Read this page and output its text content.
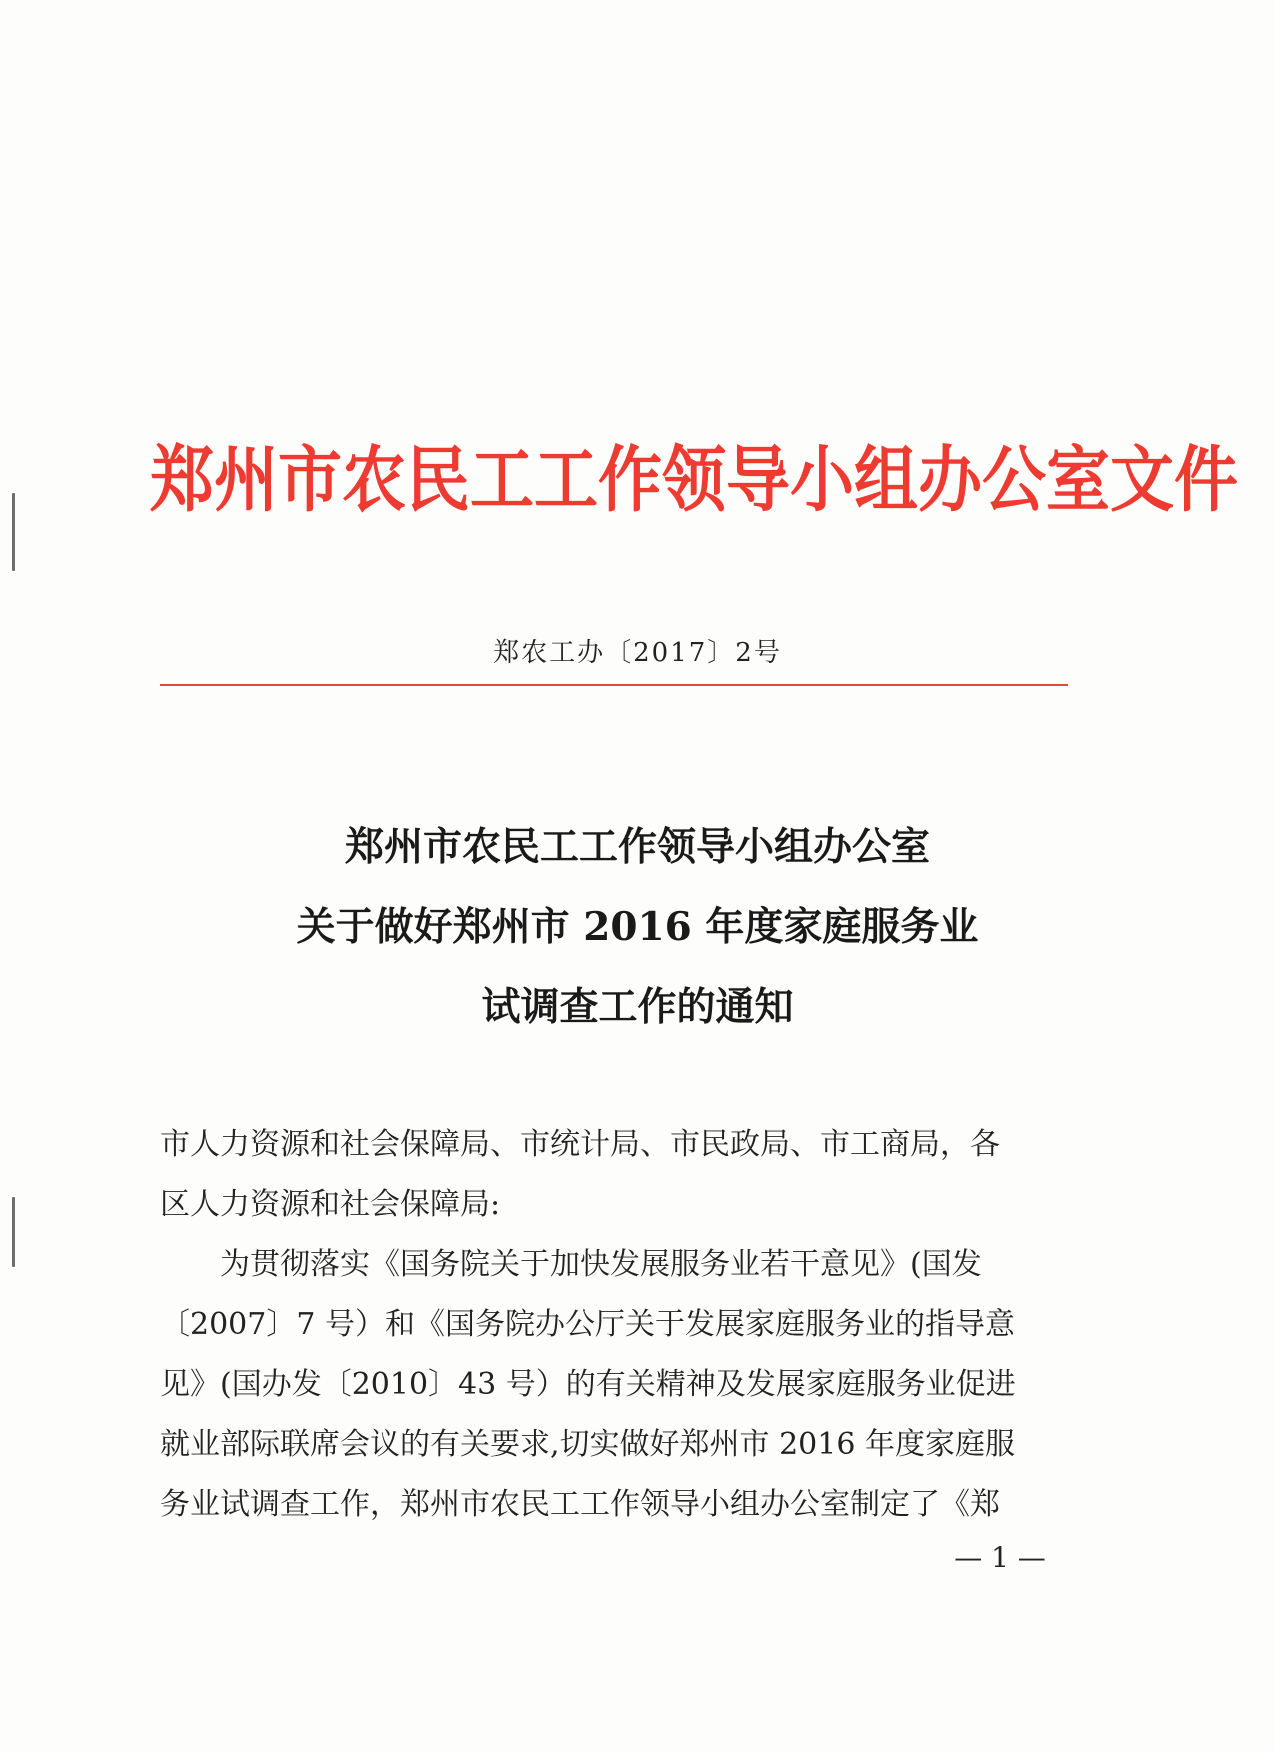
郑州市农民工工作领导小组办公室文件
郑农工办〔2017〕2号
郑州市农民工工作领导小组办公室
关于做好郑州市 2016 年度家庭服务业
试调查工作的通知
市人力资源和社会保障局、市统计局、市民政局、市工商局，各
区人力资源和社会保障局:
为贯彻落实《国务院关于加快发展服务业若干意见》(国发
〔2007〕7 号）和《国务院办公厅关于发展家庭服务业的指导意
见》(国办发〔2010〕43 号）的有关精神及发展家庭服务业促进
就业部际联席会议的有关要求,切实做好郑州市 2016 年度家庭服
务业试调查工作，郑州市农民工工作领导小组办公室制定了《郑
— 1 —
